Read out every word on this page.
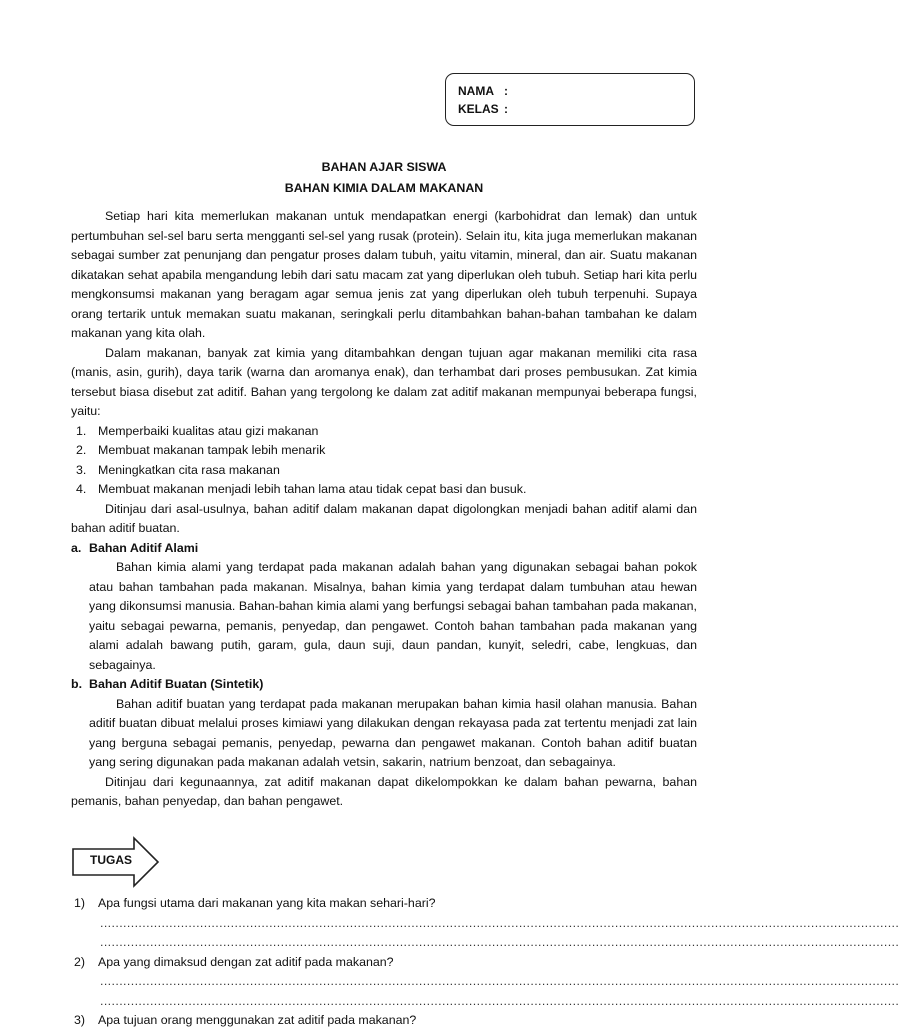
NAMA :
KELAS :
BAHAN AJAR SISWA
BAHAN KIMIA DALAM MAKANAN

Setiap hari kita memerlukan makanan untuk mendapatkan energi (karbohidrat dan lemak) dan untuk pertumbuhan sel-sel baru serta mengganti sel-sel yang rusak (protein). Selain itu, kita juga memerlukan makanan sebagai sumber zat penunjang dan pengatur proses dalam tubuh, yaitu vitamin, mineral, dan air. Suatu makanan dikatakan sehat apabila mengandung lebih dari satu macam zat yang diperlukan oleh tubuh. Setiap hari kita perlu mengkonsumsi makanan yang beragam agar semua jenis zat yang diperlukan oleh tubuh terpenuhi. Supaya orang tertarik untuk memakan suatu makanan, seringkali perlu ditambahkan bahan-bahan tambahan ke dalam makanan yang kita olah.

Dalam makanan, banyak zat kimia yang ditambahkan dengan tujuan agar makanan memiliki cita rasa (manis, asin, gurih), daya tarik (warna dan aromanya enak), dan terhambat dari proses pembusukan. Zat kimia tersebut biasa disebut zat aditif. Bahan yang tergolong ke dalam zat aditif makanan mempunyai beberapa fungsi, yaitu:

1. Memperbaiki kualitas atau gizi makanan
2. Membuat makanan tampak lebih menarik
3. Meningkatkan cita rasa makanan
4. Membuat makanan menjadi lebih tahan lama atau tidak cepat basi dan busuk.

Ditinjau dari asal-usulnya, bahan aditif dalam makanan dapat digolongkan menjadi bahan aditif alami dan bahan aditif buatan.

a. Bahan Aditif Alami

Bahan kimia alami yang terdapat pada makanan adalah bahan yang digunakan sebagai bahan pokok atau bahan tambahan pada makanan. Misalnya, bahan kimia yang terdapat dalam tumbuhan atau hewan yang dikonsumsi manusia. Bahan-bahan kimia alami yang berfungsi sebagai bahan tambahan pada makanan, yaitu sebagai pewarna, pemanis, penyedap, dan pengawet. Contoh bahan tambahan pada makanan yang alami adalah bawang putih, garam, gula, daun suji, daun pandan, kunyit, seledri, cabe, lengkuas, dan sebagainya.

b. Bahan Aditif Buatan (Sintetik)

Bahan aditif buatan yang terdapat pada makanan merupakan bahan kimia hasil olahan manusia. Bahan aditif buatan dibuat melalui proses kimiawi yang dilakukan dengan rekayasa pada zat tertentu menjadi zat lain yang berguna sebagai pemanis, penyedap, pewarna dan pengawet makanan. Contoh bahan aditif buatan yang sering digunakan pada makanan adalah vetsin, sakarin, natrium benzoat, dan sebagainya.

Ditinjau dari kegunaannya, zat aditif makanan dapat dikelompokkan ke dalam bahan pewarna, bahan pemanis, bahan penyedap, dan bahan pengawet.

TUGAS
1) Apa fungsi utama dari makanan yang kita makan sehari-hari?
................................................................................................................................................................................................................
................................................................................................................................................................................................................
2) Apa yang dimaksud dengan zat aditif pada makanan?
................................................................................................................................................................................................................
................................................................................................................................................................................................................
3) Apa tujuan orang menggunakan zat aditif pada makanan?
